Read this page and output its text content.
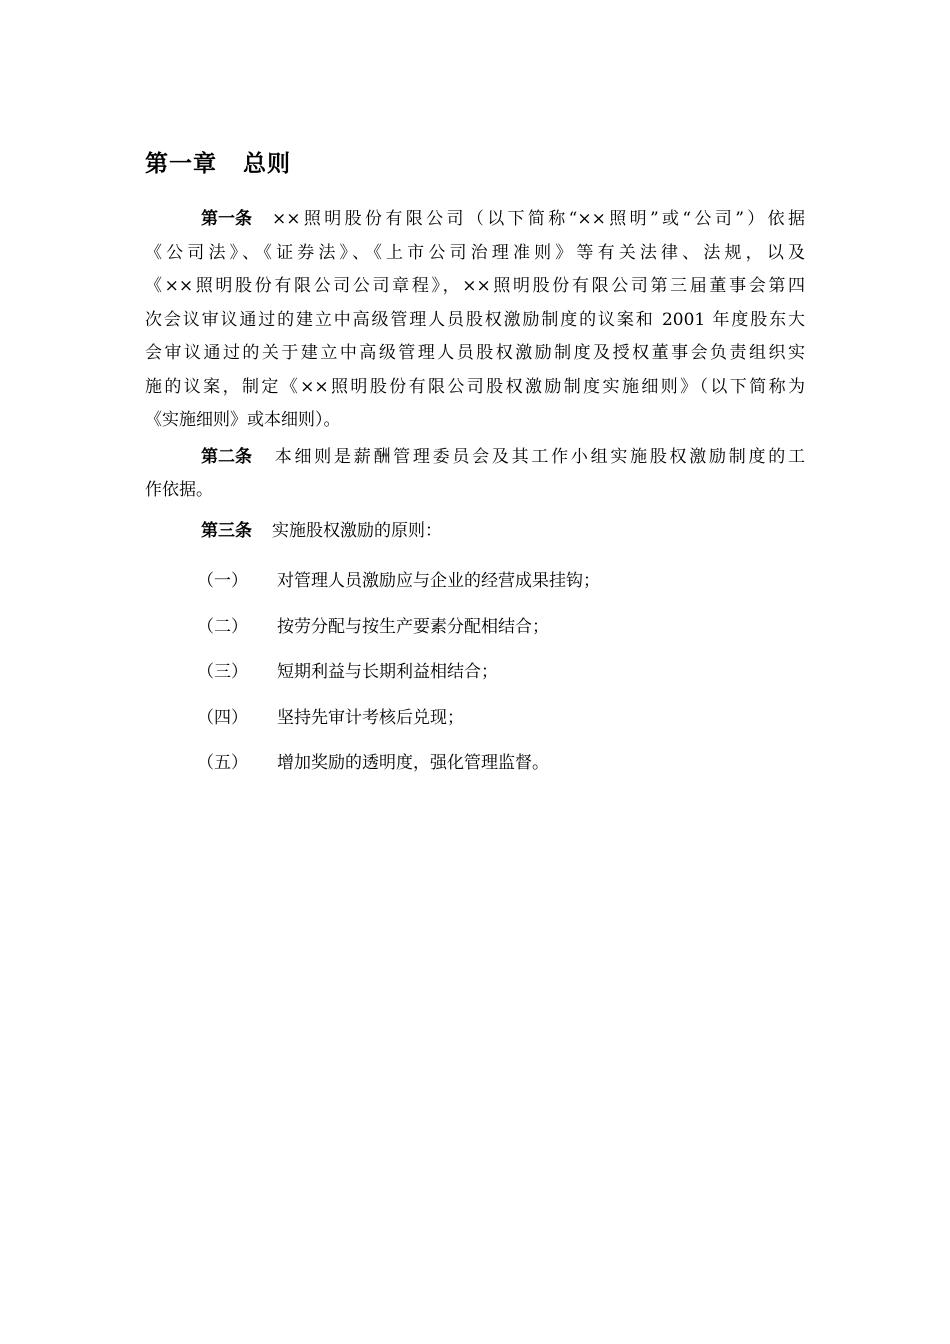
第一章 总则
第一条 ××照明股份有限公司（以下简称“××照明”或“公司”）依据
《公司法》、《证券法》、《上市公司治理准则》等有关法律、法规，以及
《××照明股份有限公司公司章程》，××照明股份有限公司第三届董事会第四
次会议审议通过的建立中高级管理人员股权激励制度的议案和 2001 年度股东大
会审议通过的关于建立中高级管理人员股权激励制度及授权董事会负责组织实
施的议案，制定《××照明股份有限公司股权激励制度实施细则》（以下简称为
《实施细则》或本细则）。
第二条 本细则是薪酬管理委员会及其工作小组实施股权激励制度的工
作依据。
第三条 实施股权激励的原则：
（一） 对管理人员激励应与企业的经营成果挂钩；
（二） 按劳分配与按生产要素分配相结合；
（三） 短期利益与长期利益相结合；
（四） 坚持先审计考核后兑现；
（五） 增加奖励的透明度，强化管理监督。
